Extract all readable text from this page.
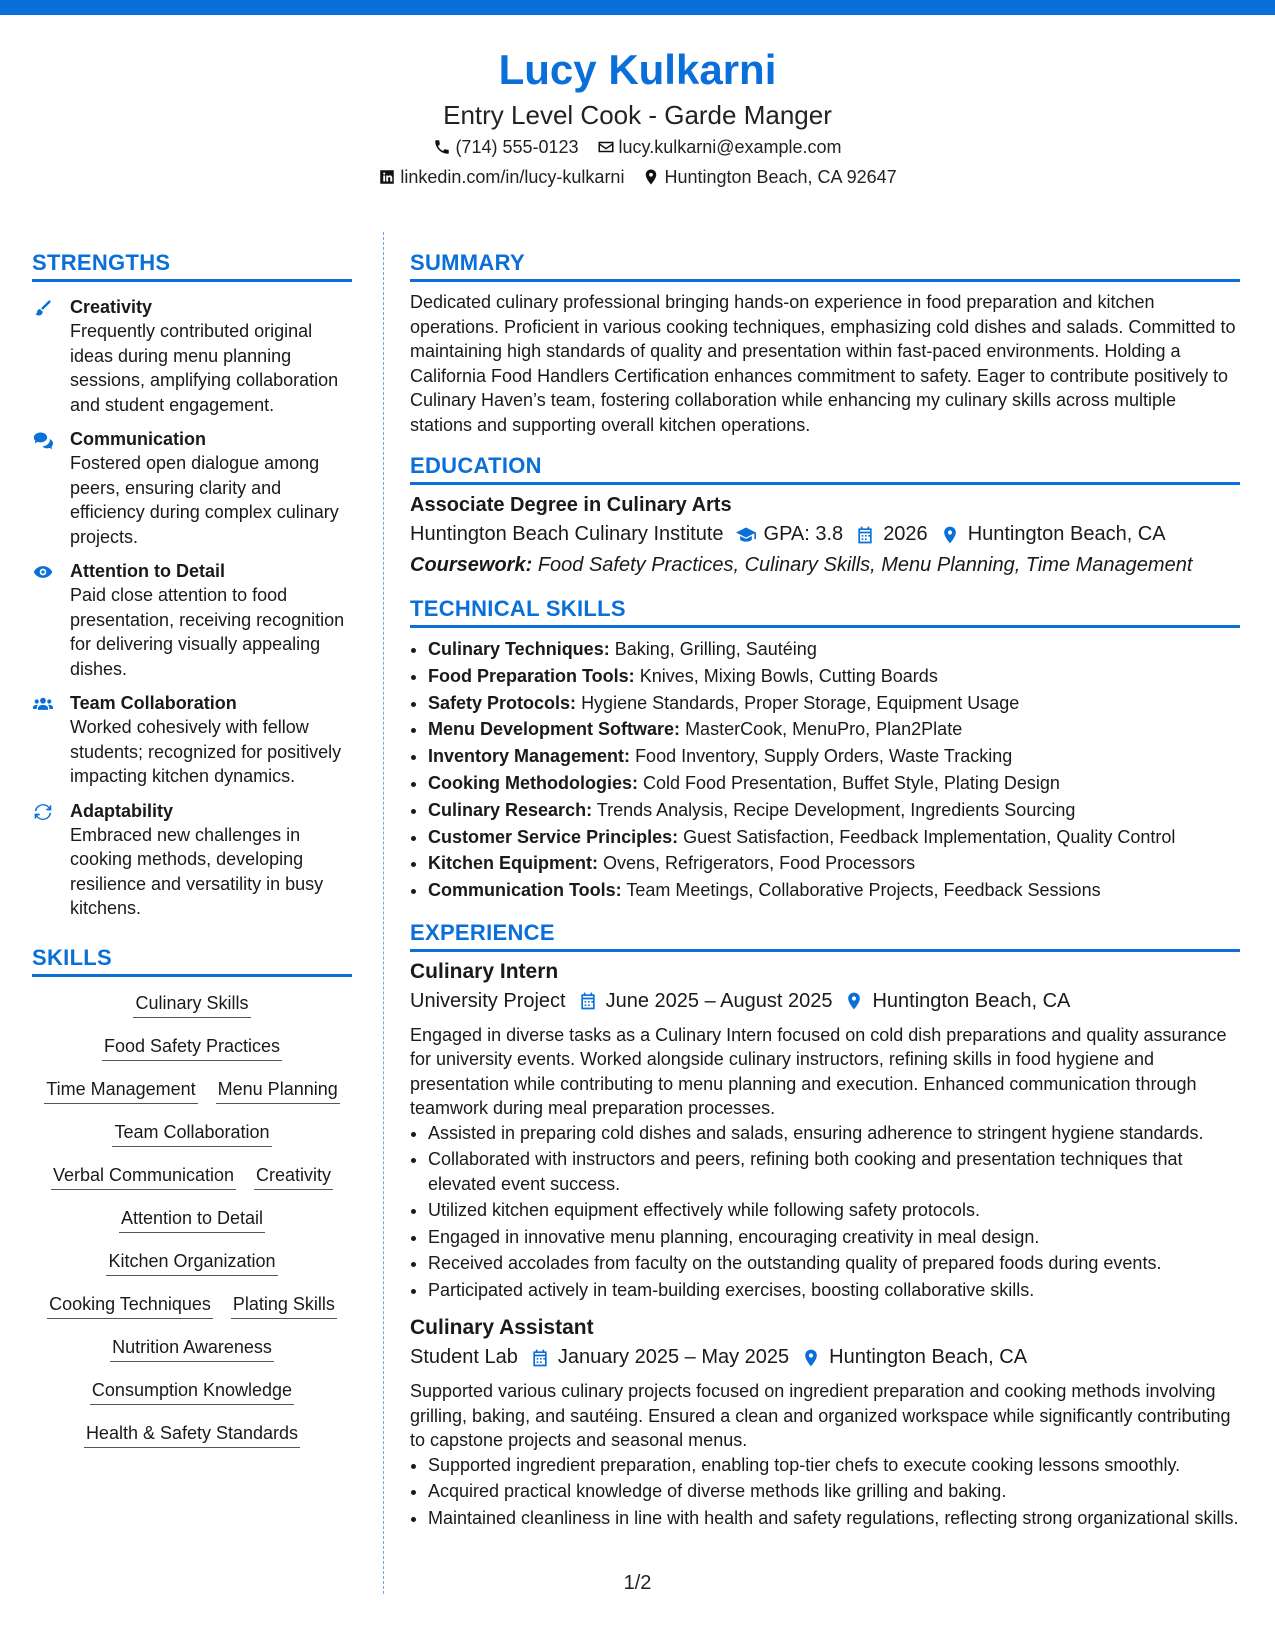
Lucy Kulkarni
Entry Level Cook - Garde Manger
(714) 555-0123 lucy.kulkarni@example.com
linkedin.com/in/lucy-kulkarni Huntington Beach, CA 92647
STRENGTHS
Creativity
Frequently contributed original ideas during menu planning sessions, amplifying collaboration and student engagement.
Communication
Fostered open dialogue among peers, ensuring clarity and efficiency during complex culinary projects.
Attention to Detail
Paid close attention to food presentation, receiving recognition for delivering visually appealing dishes.
Team Collaboration
Worked cohesively with fellow students; recognized for positively impacting kitchen dynamics.
Adaptability
Embraced new challenges in cooking methods, developing resilience and versatility in busy kitchens.
SKILLS
Culinary Skills
Food Safety Practices
Time Management Menu Planning
Team Collaboration
Verbal Communication Creativity
Attention to Detail
Kitchen Organization
Cooking Techniques Plating Skills
Nutrition Awareness
Consumption Knowledge
Health & Safety Standards
SUMMARY
Dedicated culinary professional bringing hands-on experience in food preparation and kitchen operations. Proficient in various cooking techniques, emphasizing cold dishes and salads. Committed to maintaining high standards of quality and presentation within fast-paced environments. Holding a California Food Handlers Certification enhances commitment to safety. Eager to contribute positively to Culinary Haven’s team, fostering collaboration while enhancing my culinary skills across multiple stations and supporting overall kitchen operations.
EDUCATION
Associate Degree in Culinary Arts
Huntington Beach Culinary Institute GPA: 3.8 2026 Huntington Beach, CA
Coursework: Food Safety Practices, Culinary Skills, Menu Planning, Time Management
TECHNICAL SKILLS
• Culinary Techniques: Baking, Grilling, Sautéing
• Food Preparation Tools: Knives, Mixing Bowls, Cutting Boards
• Safety Protocols: Hygiene Standards, Proper Storage, Equipment Usage
• Menu Development Software: MasterCook, MenuPro, Plan2Plate
• Inventory Management: Food Inventory, Supply Orders, Waste Tracking
• Cooking Methodologies: Cold Food Presentation, Buffet Style, Plating Design
• Culinary Research: Trends Analysis, Recipe Development, Ingredients Sourcing
• Customer Service Principles: Guest Satisfaction, Feedback Implementation, Quality Control
• Kitchen Equipment: Ovens, Refrigerators, Food Processors
• Communication Tools: Team Meetings, Collaborative Projects, Feedback Sessions
EXPERIENCE
Culinary Intern
University Project June 2025 – August 2025 Huntington Beach, CA
Engaged in diverse tasks as a Culinary Intern focused on cold dish preparations and quality assurance for university events. Worked alongside culinary instructors, refining skills in food hygiene and presentation while contributing to menu planning and execution. Enhanced communication through teamwork during meal preparation processes.
• Assisted in preparing cold dishes and salads, ensuring adherence to stringent hygiene standards.
• Collaborated with instructors and peers, refining both cooking and presentation techniques that elevated event success.
• Utilized kitchen equipment effectively while following safety protocols.
• Engaged in innovative menu planning, encouraging creativity in meal design.
• Received accolades from faculty on the outstanding quality of prepared foods during events.
• Participated actively in team-building exercises, boosting collaborative skills.
Culinary Assistant
Student Lab January 2025 – May 2025 Huntington Beach, CA
Supported various culinary projects focused on ingredient preparation and cooking methods involving grilling, baking, and sautéing. Ensured a clean and organized workspace while significantly contributing to capstone projects and seasonal menus.
• Supported ingredient preparation, enabling top-tier chefs to execute cooking lessons smoothly.
• Acquired practical knowledge of diverse methods like grilling and baking.
• Maintained cleanliness in line with health and safety regulations, reflecting strong organizational skills.
1/2
